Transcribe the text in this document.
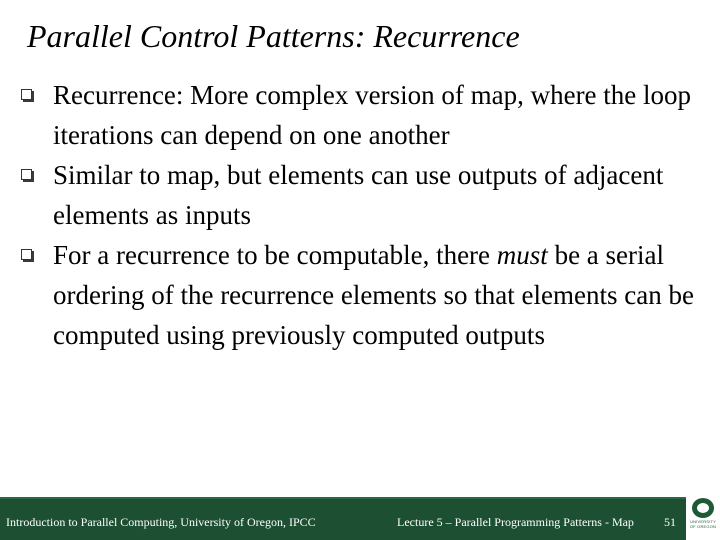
Parallel Control Patterns: Recurrence
Recurrence: More complex version of map, where the loop iterations can depend on one another
Similar to map, but elements can use outputs of adjacent elements as inputs
For a recurrence to be computable, there must be a serial ordering of the recurrence elements so that elements can be computed using previously computed outputs
Introduction to Parallel Computing, University of Oregon, IPCC	Lecture 5 – Parallel Programming Patterns - Map	51	UNIVERSITY OF OREGON
